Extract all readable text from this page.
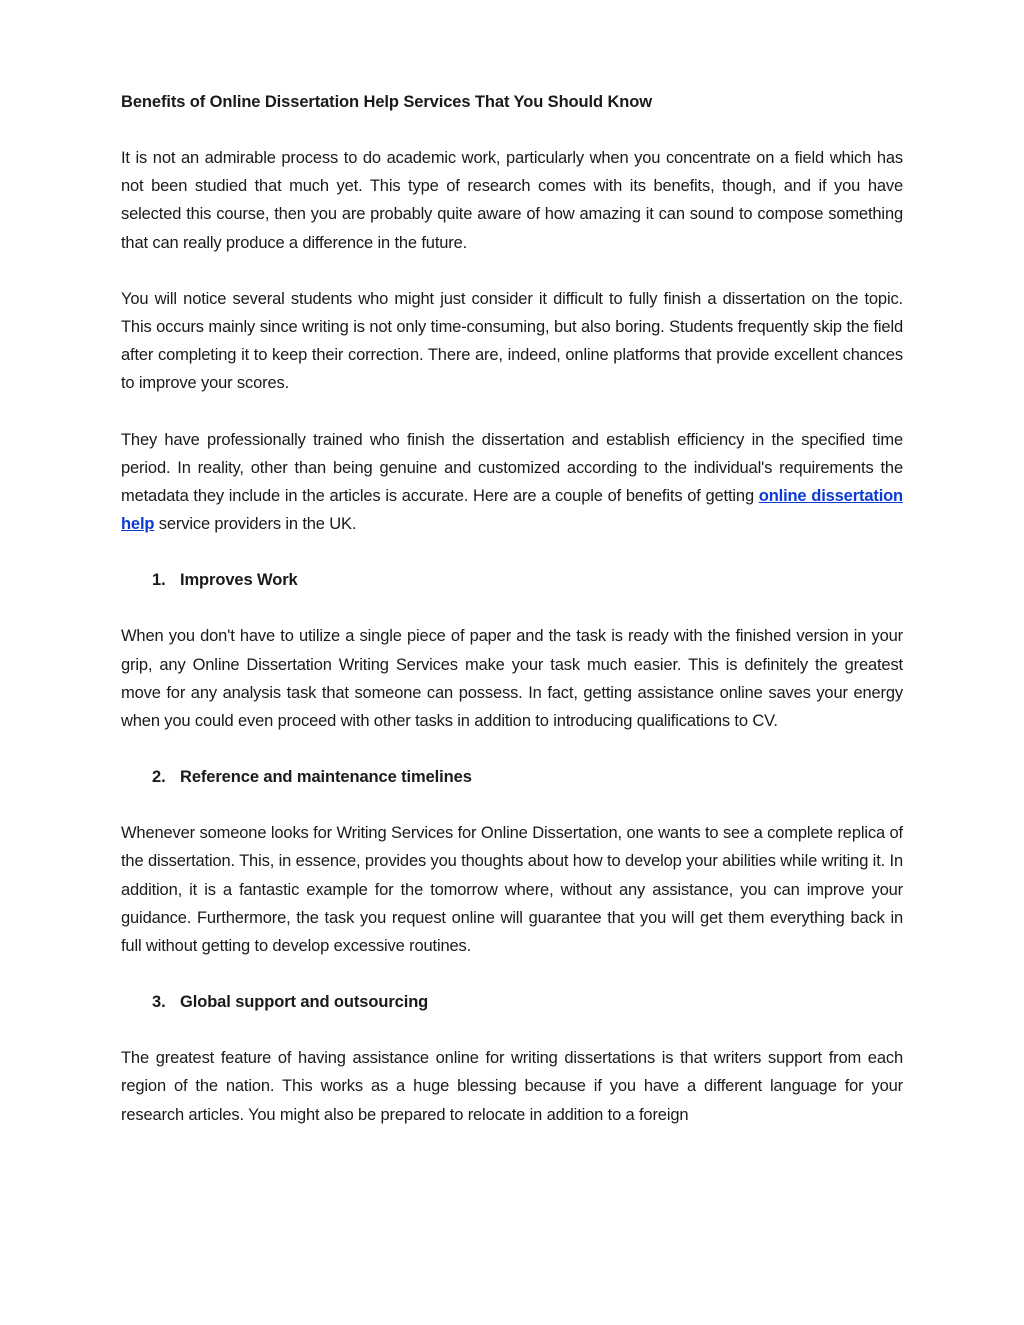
Benefits of Online Dissertation Help Services That You Should Know

It is not an admirable process to do academic work, particularly when you concentrate on a field which has not been studied that much yet. This type of research comes with its benefits, though, and if you have selected this course, then you are probably quite aware of how amazing it can sound to compose something that can really produce a difference in the future.

You will notice several students who might just consider it difficult to fully finish a dissertation on the topic. This occurs mainly since writing is not only time-consuming, but also boring. Students frequently skip the field after completing it to keep their correction. There are, indeed, online platforms that provide excellent chances to improve your scores.

They have professionally trained who finish the dissertation and establish efficiency in the specified time period. In reality, other than being genuine and customized according to the individual's requirements the metadata they include in the articles is accurate. Here are a couple of benefits of getting online dissertation help service providers in the UK.

1. Improves Work

When you don't have to utilize a single piece of paper and the task is ready with the finished version in your grip, any Online Dissertation Writing Services make your task much easier. This is definitely the greatest move for any analysis task that someone can possess. In fact, getting assistance online saves your energy when you could even proceed with other tasks in addition to introducing qualifications to CV.

2. Reference and maintenance timelines

Whenever someone looks for Writing Services for Online Dissertation, one wants to see a complete replica of the dissertation. This, in essence, provides you thoughts about how to develop your abilities while writing it. In addition, it is a fantastic example for the tomorrow where, without any assistance, you can improve your guidance. Furthermore, the task you request online will guarantee that you will get them everything back in full without getting to develop excessive routines.

3. Global support and outsourcing

The greatest feature of having assistance online for writing dissertations is that writers support from each region of the nation. This works as a huge blessing because if you have a different language for your research articles. You might also be prepared to relocate in addition to a foreign
